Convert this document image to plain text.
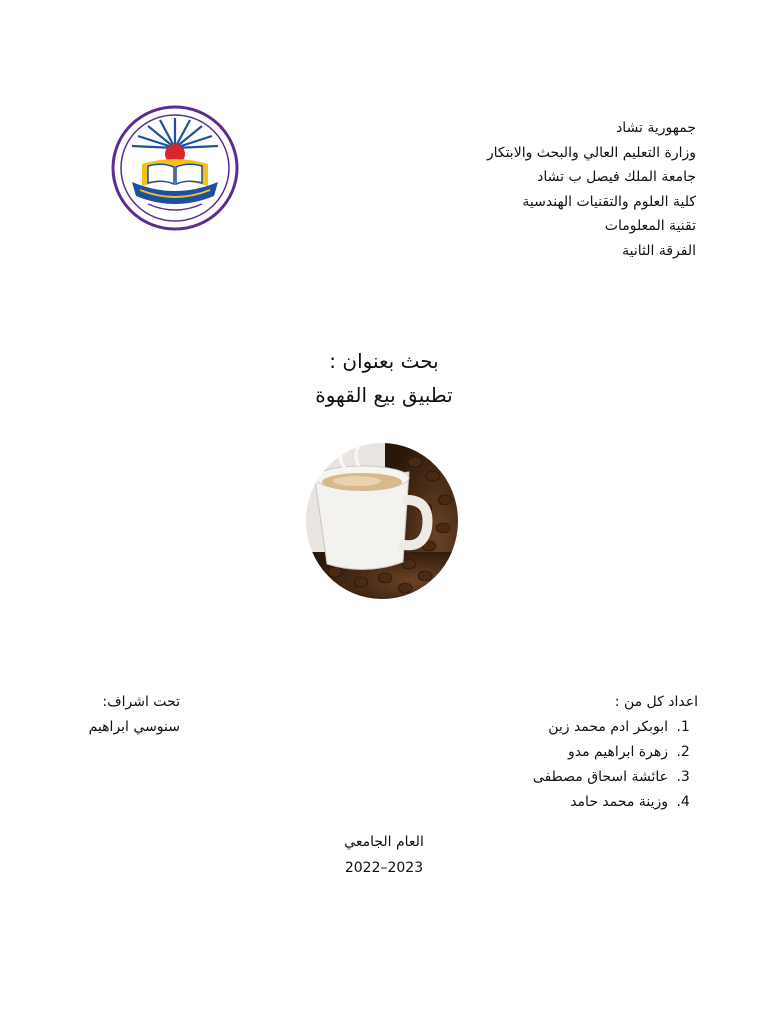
جمهورية تشاد
وزارة التعليم العالي والبحث والابتكار
جامعة الملك فيصل ب تشاد
كلية العلوم والتقنيات الهندسية
تقنية المعلومات
الفرقة الثانية
بحث بعنوان :
تطبيق بيع القهوة
اعداد كل من :
1. ابوبكر ادم محمد زين
2. زهرة ابراهيم مدو
3. عائشة اسحاق مصطفى
4. وزينة محمد حامد
تحت اشراف:
سنوسي ابراهيم
العام الجامعي
2022–2023
